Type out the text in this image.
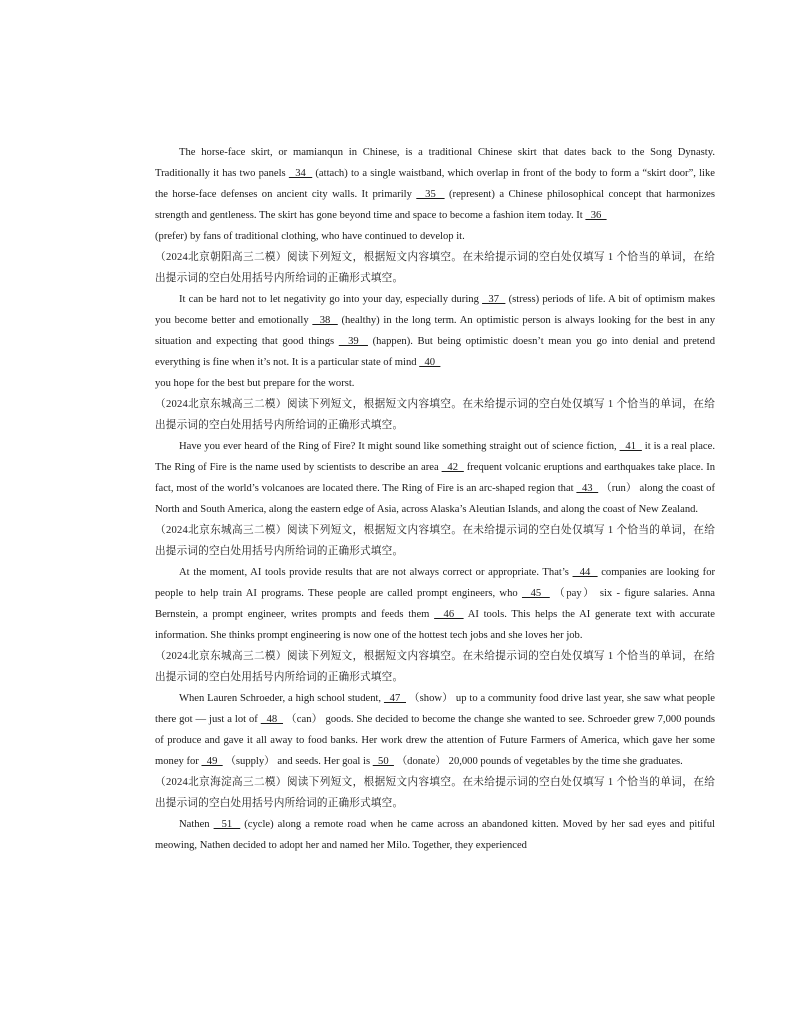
The horse-face skirt, or mamianqun in Chinese, is a traditional Chinese skirt that dates back to the Song Dynasty. Traditionally it has two panels   34   (attach) to a single waistband, which overlap in front of the body to form a “skirt door”, like the horse-face defenses on ancient city walls. It primarily   35   (represent) a Chinese philosophical concept that harmonizes strength and gentleness. The skirt has gone beyond time and space to become a fashion item today. It   36

(prefer) by fans of traditional clothing, who have continued to develop it.

（2024北京朝阳高三二模）阅读下列短文，根据短文内容填空。在未给提示词的空白处仅填写 1 个恰当的单词，在给出提示词的空白处用括号内所给词的正确形式填空。

It can be hard not to let negativity go into your day, especially during   37   (stress) periods of life. A bit of optimism makes you become better and emotionally   38   (healthy) in the long term. An optimistic person is always looking for the best in any situation and expecting that good things   39   (happen). But being optimistic doesn’t mean you go into denial and pretend everything is fine when it’s not. It is a particular state of mind   40

you hope for the best but prepare for the worst.

（2024北京东城高三二模）阅读下列短文，根据短文内容填空。在未给提示词的空白处仅填写 1 个恰当的单词，在给出提示词的空白处用括号内所给词的正确形式填空。

Have you ever heard of the Ring of Fire? It might sound like something straight out of science fiction,   41   it is a real place. The Ring of Fire is the name used by scientists to describe an area   42   frequent volcanic eruptions and earthquakes take place. In fact, most of the world’s volcanoes are located there. The Ring of Fire is an arc-shaped region that   43   （run） along the coast of North and South America, along the eastern edge of Asia, across Alaska’s Aleutian Islands, and along the coast of New Zealand.

（2024北京东城高三二模）阅读下列短文，根据短文内容填空。在未给提示词的空白处仅填写 1 个恰当的单词，在给出提示词的空白处用括号内所给词的正确形式填空。

At the moment, AI tools provide results that are not always correct or appropriate. That’s   44   companies are looking for people to help train AI programs. These people are called prompt engineers, who   45   （pay） six - figure salaries. Anna Bernstein, a prompt engineer, writes prompts and feeds them   46   AI tools. This helps the AI generate text with accurate information. She thinks prompt engineering is now one of the hottest tech jobs and she loves her job.

（2024北京东城高三二模）阅读下列短文，根据短文内容填空。在未给提示词的空白处仅填写 1 个恰当的单词，在给出提示词的空白处用括号内所给词的正确形式填空。

When Lauren Schroeder, a high school student,   47   （show） up to a community food drive last year, she saw what people there got — just a lot of   48   （can） goods. She decided to become the change she wanted to see. Schroeder grew 7,000 pounds of produce and gave it all away to food banks. Her work drew the attention of Future Farmers of America, which gave her some money for   49   （supply） and seeds. Her goal is   50   （donate） 20,000 pounds of vegetables by the time she graduates.

（2024北京海淀高三二模）阅读下列短文，根据短文内容填空。在未给提示词的空白处仅填写 1 个恰当的单词，在给出提示词的空白处用括号内所给词的正确形式填空。

Nathen   51   (cycle) along a remote road when he came across an abandoned kitten. Moved by her sad eyes and pitiful meowing, Nathen decided to adopt her and named her Milo. Together, they experienced
